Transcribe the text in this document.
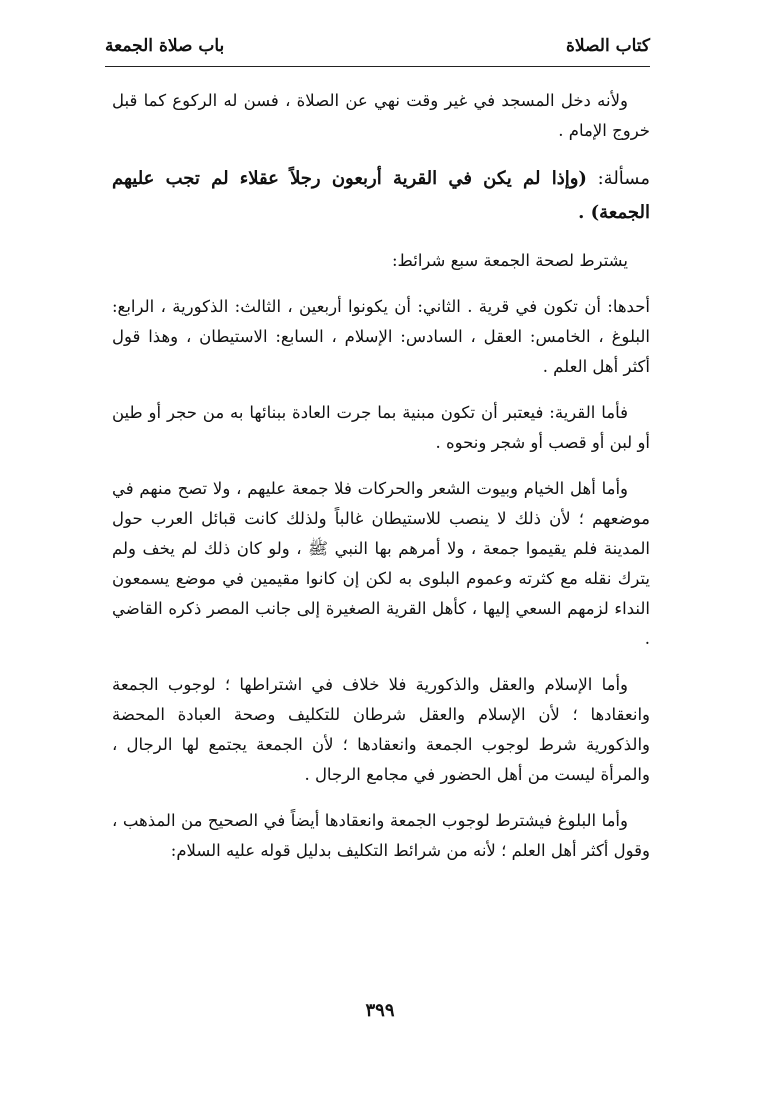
كتاب الصلاة
باب صلاة الجمعة

ولأنه دخل المسجد في غير وقت نهي عن الصلاة ، فسن له الركوع كما قبل خروج الإمام .

مسألة: (وإذا لم يكن في القرية أربعون رجلاً عقلاء لم تجب عليهم الجمعة) .

يشترط لصحة الجمعة سبع شرائط:

أحدها: أن تكون في قرية . الثاني: أن يكونوا أربعين ، الثالث: الذكورية ، الرابع: البلوغ ، الخامس: العقل ، السادس: الإسلام ، السابع: الاستيطان ، وهذا قول أكثر أهل العلم .

فأما القرية: فيعتبر أن تكون مبنية بما جرت العادة ببنائها به من حجر أو طين أو لبن أو قصب أو شجر ونحوه .

وأما أهل الخيام وبيوت الشعر والحركات فلا جمعة عليهم ، ولا تصح منهم في موضعهم ؛ لأن ذلك لا ينصب للاستيطان غالباً ولذلك كانت قبائل العرب حول المدينة فلم يقيموا جمعة ، ولا أمرهم بها النبي ﷺ ، ولو كان ذلك لم يخف ولم يترك نقله مع كثرته وعموم البلوى به لكن إن كانوا مقيمين في موضع يسمعون النداء لزمهم السعي إليها ، كأهل القرية الصغيرة إلى جانب المصر ذكره القاضي .

وأما الإسلام والعقل والذكورية فلا خلاف في اشتراطها ؛ لوجوب الجمعة وانعقادها ؛ لأن الإسلام والعقل شرطان للتكليف وصحة العبادة المحضة والذكورية شرط لوجوب الجمعة وانعقادها ؛ لأن الجمعة يجتمع لها الرجال ، والمرأة ليست من أهل الحضور في مجامع الرجال .

وأما البلوغ فيشترط لوجوب الجمعة وانعقادها أيضاً في الصحيح من المذهب ، وقول أكثر أهل العلم ؛ لأنه من شرائط التكليف بدليل قوله عليه السلام:

٣٩٩
